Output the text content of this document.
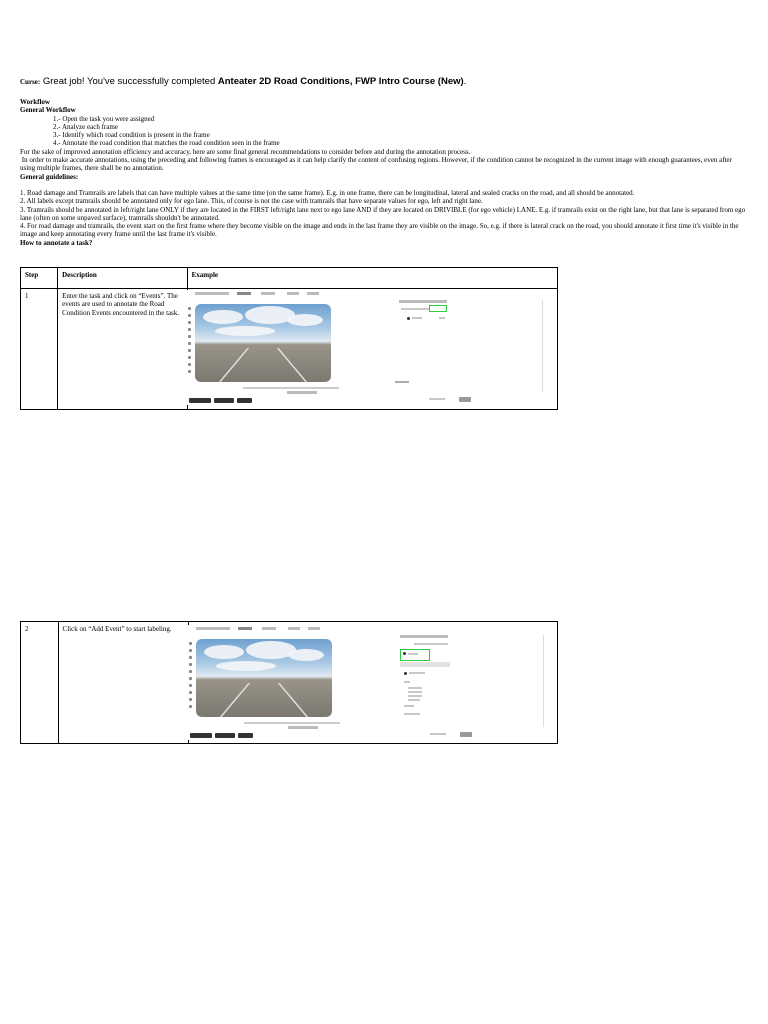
Curse: Great job! You've successfully completed Anteater 2D Road Conditions, FWP Intro Course (New).
Workflow
General Workflow
1.- Open the task you were assigned
2.- Analyze each frame
3.- Identify which road condition is present in the frame
4.- Annotate the road condition that matches the road condition seen in the frame

For the sake of improved annotation efficiency and accuracy, here are some final general recommendations to consider before and during the annotation process.

In order to make accurate annotations, using the preceding and following frames is encouraged as it can help clarify the content of confusing regions. However, if the condition cannot be recognized in the current image with enough guarantees, even after using multiple frames, there shall be no annotation.

General guidelines:

1. Road damage and Tramrails are labels that can have multiple values at the same time (on the same frame). E.g. in one frame, there can be longitudinal, lateral and sealed cracks on the road, and all should be annotated.

2. All labels except tramrails should be annotated only for ego lane. This, of course is not the case with tramrails that have separate values for ego, left and right lane.

3. Tramrails should be annotated in left/right lane ONLY if they are located in the FIRST left/right lane next to ego lane AND if they are located on DRIVIBLE (for ego vehicle) LANE. E.g. if tramrails exist on the right lane, but that lane is separated from ego lane (often on some unpaved surface), tramrails shouldn't be annotated.

4. For road damage and tramrails, the event start on the first frame where they become visible on the image and ends in the last frame they are visible on the image. So, e.g. if there is lateral crack on the road, you should annotate it first time it's visible in the image and keep annotating every frame until the last frame it's visible.

How to annotate a task?
Step	Description	Example
1	Enter the task and click on “Events”. The events are used to annotate the Road Condition Events encountered in the task.	
2	Click on “Add Event” to start labeling.	
